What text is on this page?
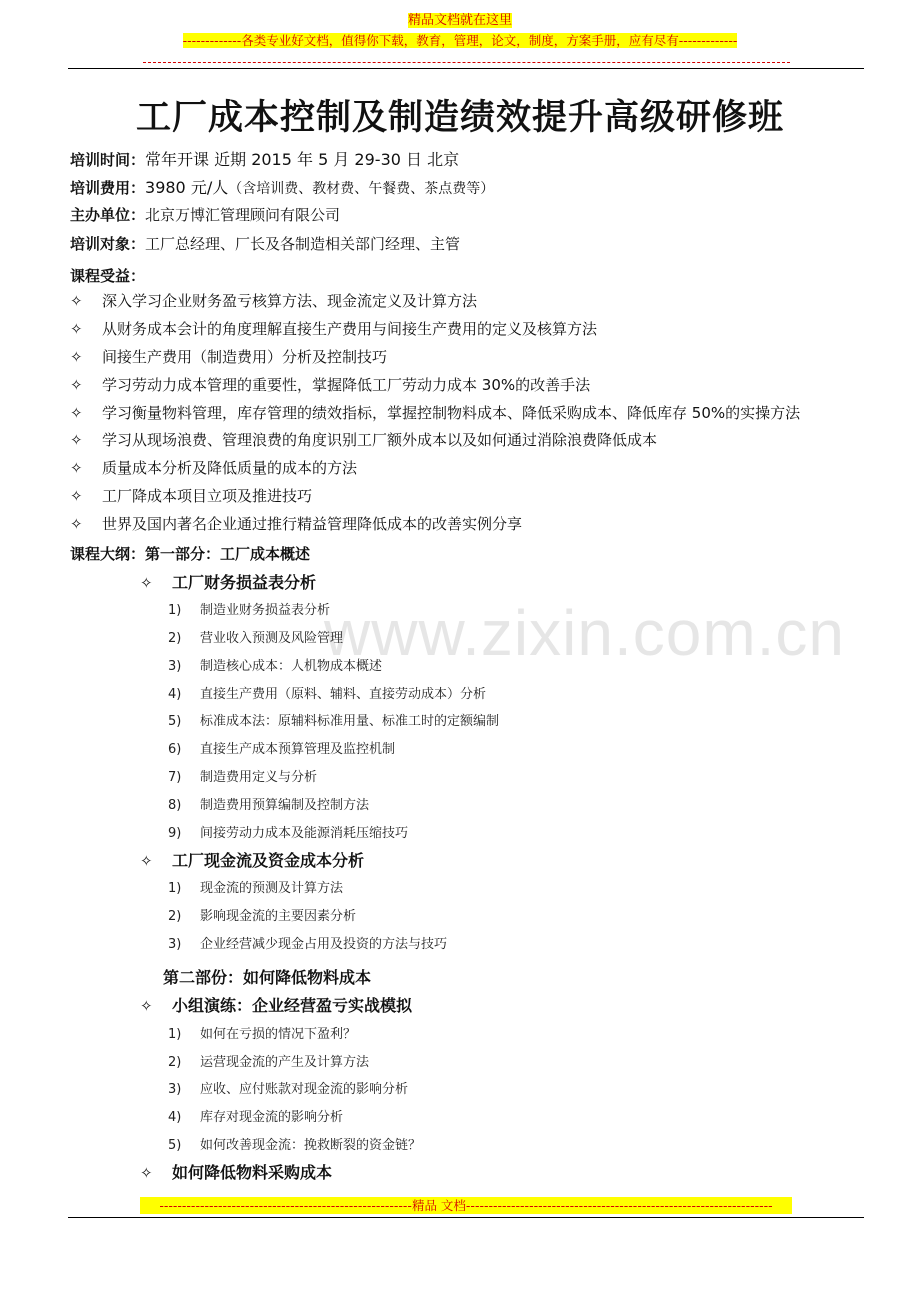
精品文档就在这里
-------------各类专业好文档，值得你下载，教育，管理，论文，制度，方案手册，应有尽有-------------
www.zixin.com.cn
工厂成本控制及制造绩效提升高级研修班
培训时间：常年开课 近期 2015 年 5 月 29-30 日 北京
培训费用：3980 元/人（含培训费、教材费、午餐费、茶点费等）
主办单位：北京万博汇管理顾问有限公司
培训对象：工厂总经理、厂长及各制造相关部门经理、主管
课程受益：
✧ 深入学习企业财务盈亏核算方法、现金流定义及计算方法
✧ 从财务成本会计的角度理解直接生产费用与间接生产费用的定义及核算方法
✧ 间接生产费用（制造费用）分析及控制技巧
✧ 学习劳动力成本管理的重要性，掌握降低工厂劳动力成本 30%的改善手法
✧ 学习衡量物料管理，库存管理的绩效指标，掌握控制物料成本、降低采购成本、降低库存 50%的实操方法
✧ 学习从现场浪费、管理浪费的角度识别工厂额外成本以及如何通过消除浪费降低成本
✧ 质量成本分析及降低质量的成本的方法
✧ 工厂降成本项目立项及推进技巧
✧ 世界及国内著名企业通过推行精益管理降低成本的改善实例分享
课程大纲：第一部分：工厂成本概述
✧ 工厂财务损益表分析
1) 制造业财务损益表分析
2) 营业收入预测及风险管理
3) 制造核心成本：人机物成本概述
4) 直接生产费用（原料、辅料、直接劳动成本）分析
5) 标准成本法：原辅料标准用量、标准工时的定额编制
6) 直接生产成本预算管理及监控机制
7) 制造费用定义与分析
8) 制造费用预算编制及控制方法
9) 间接劳动力成本及能源消耗压缩技巧
✧ 工厂现金流及资金成本分析
1) 现金流的预测及计算方法
2) 影响现金流的主要因素分析
3) 企业经营减少现金占用及投资的方法与技巧
第二部份：如何降低物料成本
✧ 小组演练：企业经营盈亏实战模拟
1) 如何在亏损的情况下盈利？
2) 运营现金流的产生及计算方法
3) 应收、应付账款对现金流的影响分析
4) 库存对现金流的影响分析
5) 如何改善现金流：挽救断裂的资金链？
✧ 如何降低物料采购成本
--------------------------------------------------------精品 文档--------------------------------------------------------------------
